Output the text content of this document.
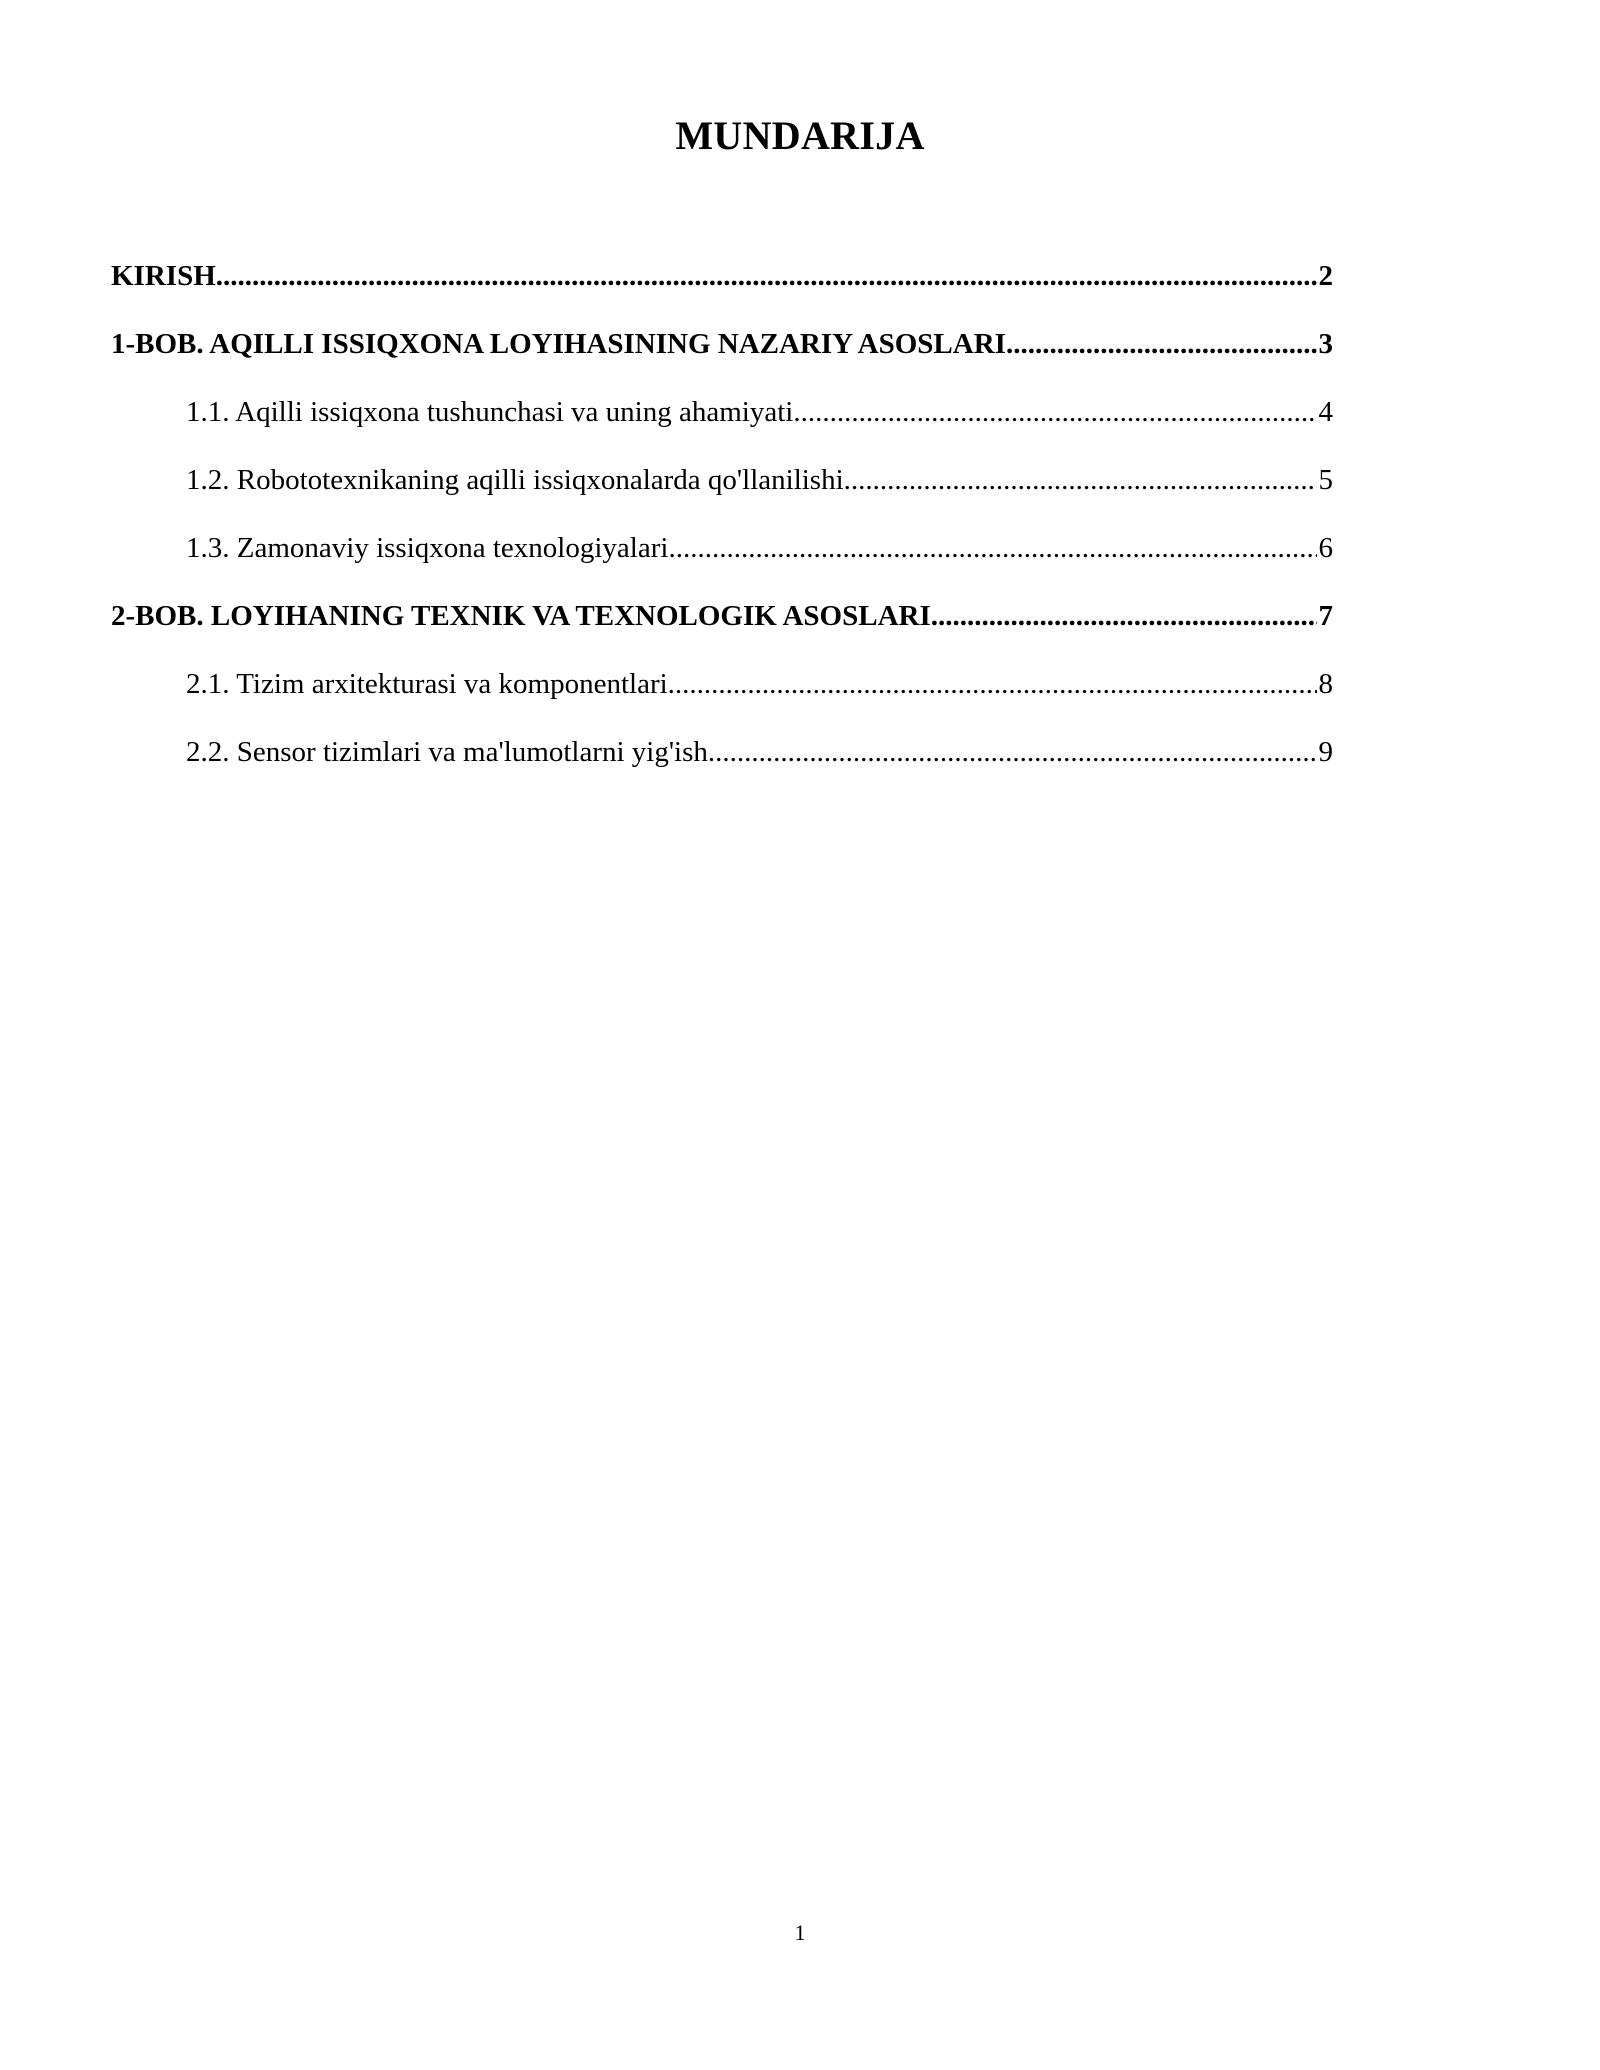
MUNDARIJA
KIRISH .....	2
1-BOB. AQILLI ISSIQXONA LOYIHASINING NAZARIY ASOSLARI .....	3
1.1. Aqilli issiqxona tushunchasi va uning ahamiyati .....	4
1.2. Robototexnikaning aqilli issiqxonalarda qo'llanilishi .....	5
1.3. Zamonaviy issiqxona texnologiyalari .....	6
2-BOB. LOYIHANING TEXNIK VA TEXNOLOGIK ASOSLARI .....	7
2.1. Tizim arxitekturasi va komponentlari .....	8
2.2. Sensor tizimlari va ma'lumotlarni yig'ish .....	9
1
